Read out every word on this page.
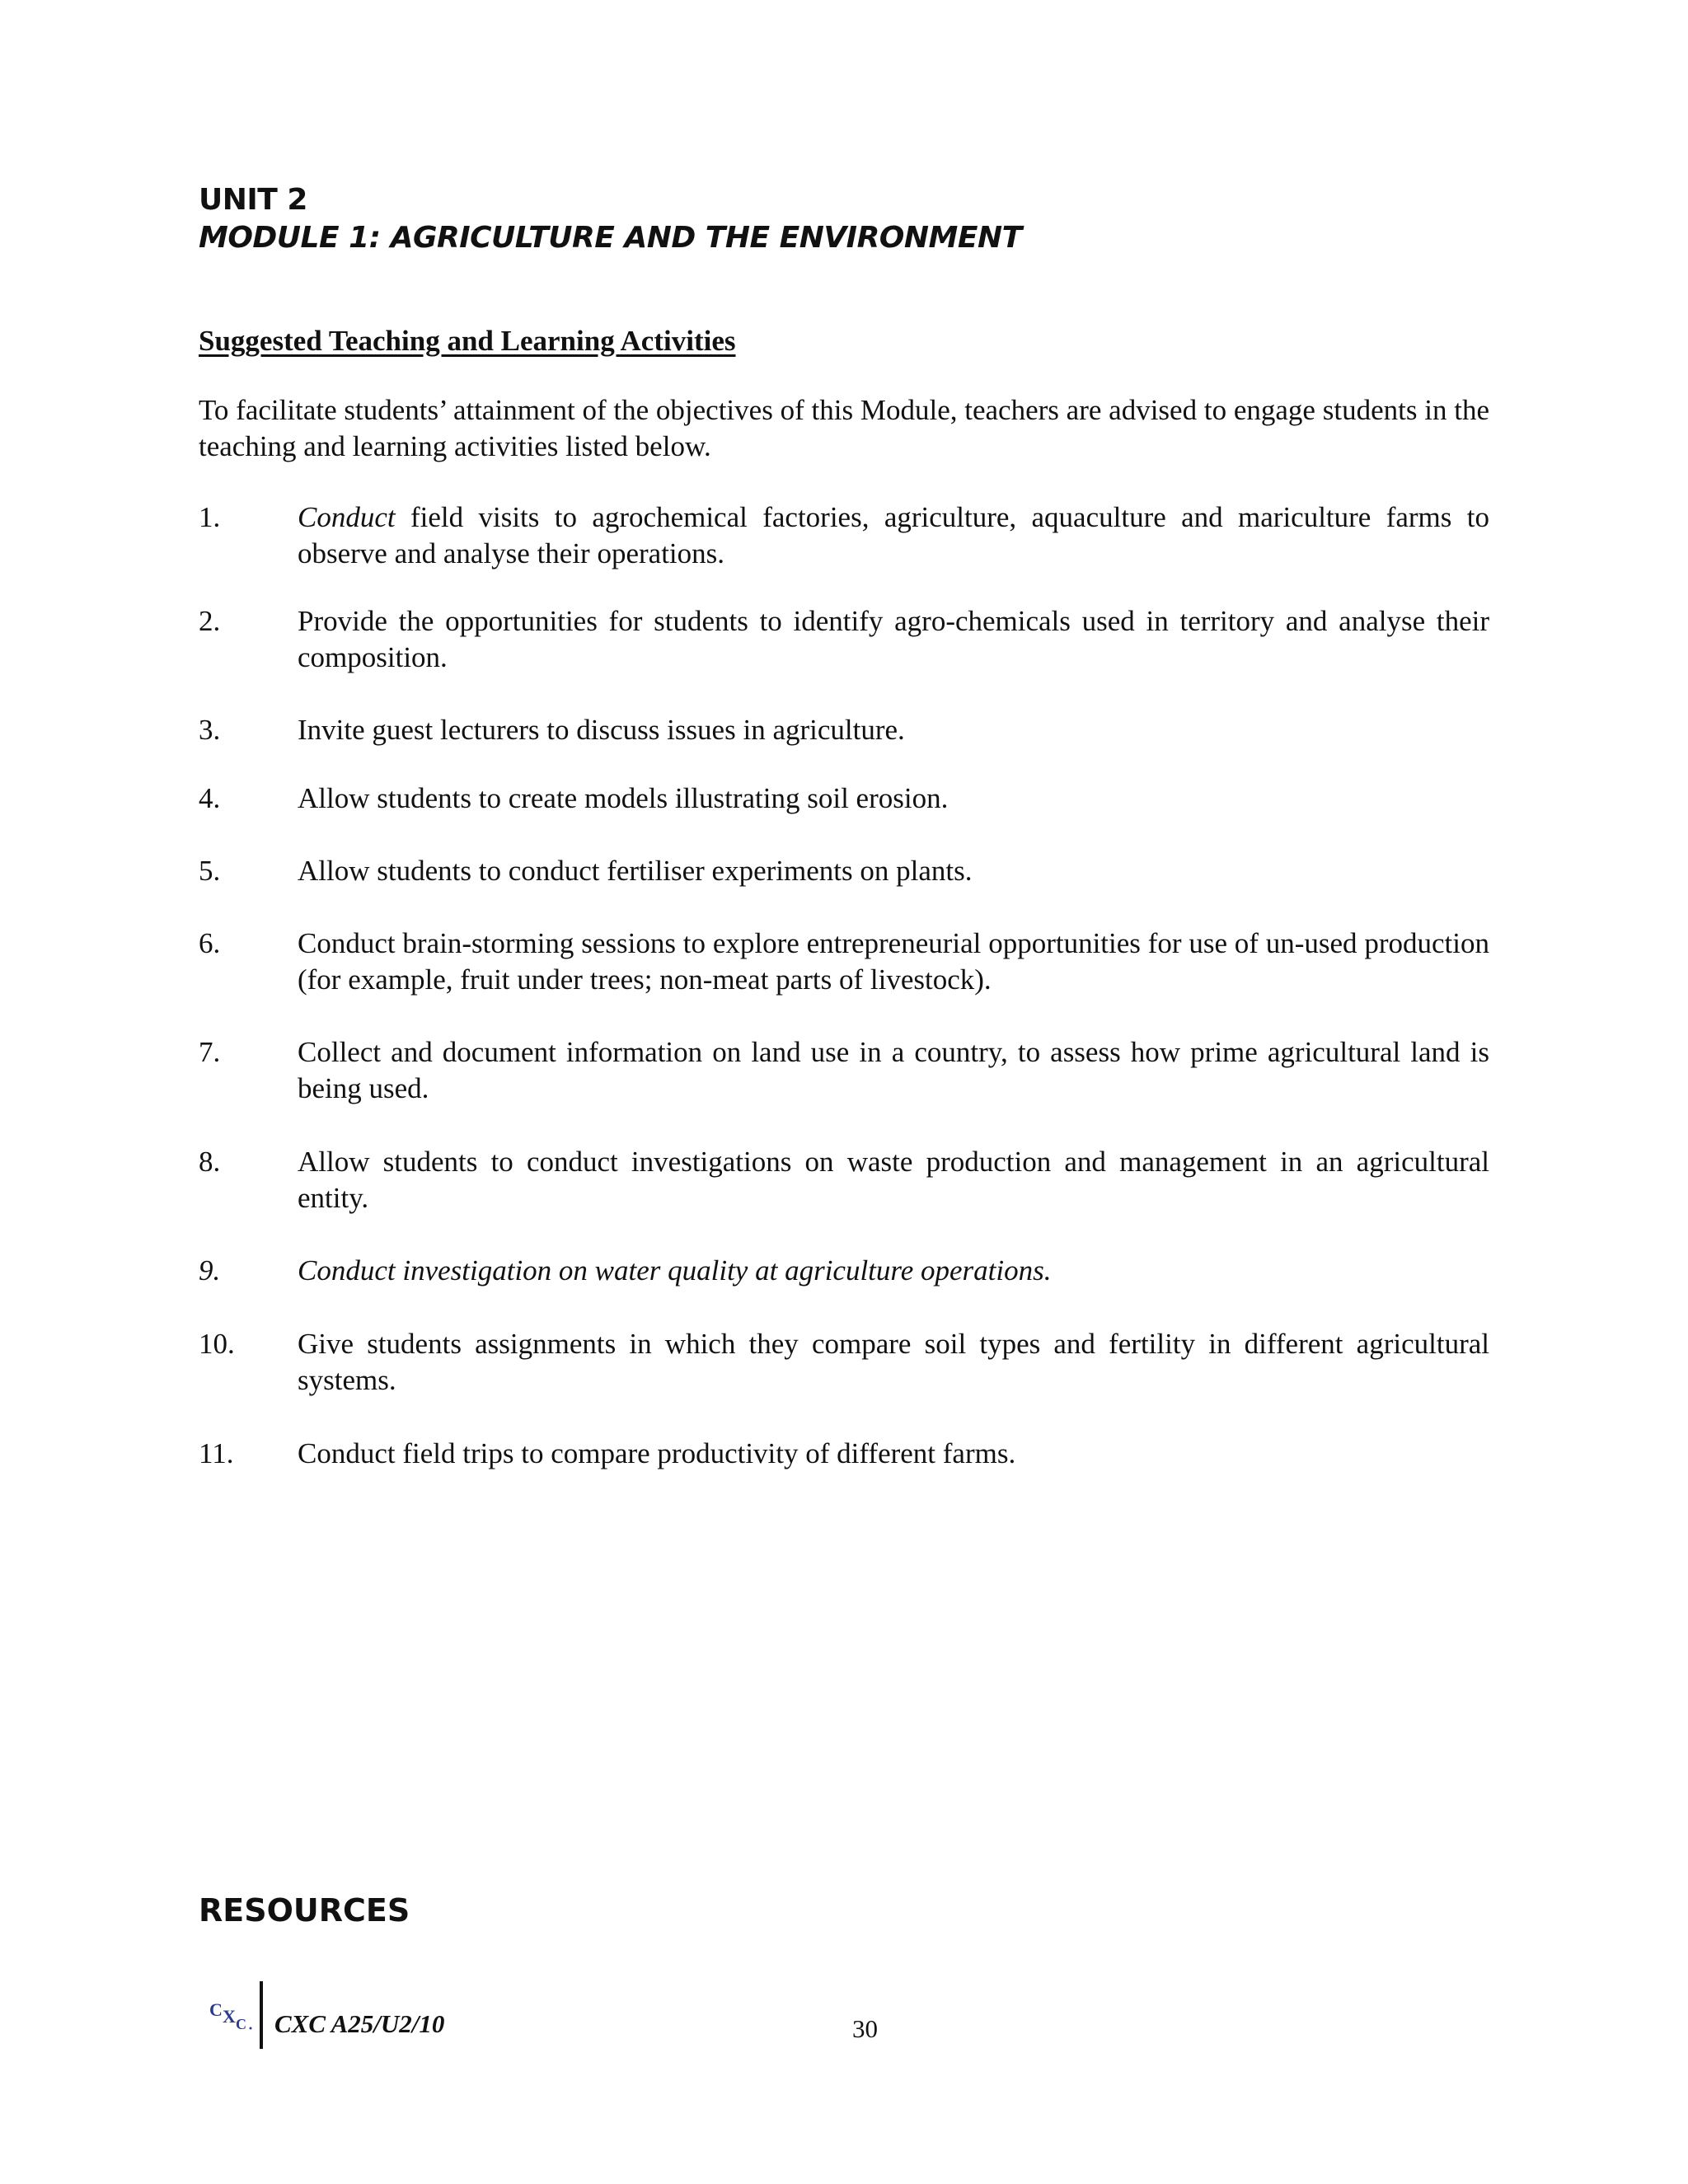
UNIT 2
MODULE 1: AGRICULTURE AND THE ENVIRONMENT
Suggested Teaching and Learning Activities
To facilitate students’ attainment of the objectives of this Module, teachers are advised to engage students in the teaching and learning activities listed below.
1.	Conduct field visits to agrochemical factories, agriculture, aquaculture and mariculture farms to observe and analyse their operations.
2.	Provide the opportunities for students to identify agro-chemicals used in territory and analyse their composition.
3.	Invite guest lecturers to discuss issues in agriculture.
4.	Allow students to create models illustrating soil erosion.
5.	Allow students to conduct fertiliser experiments on plants.
6.	Conduct brain-storming sessions to explore entrepreneurial opportunities for use of un-used production (for example, fruit under trees; non-meat parts of livestock).
7.	Collect and document information on land use in a country, to assess how prime agricultural land is being used.
8.	Allow students to conduct investigations on waste production and management in an agricultural entity.
9.	Conduct investigation on water quality at agriculture operations.
10.	Give students assignments in which they compare soil types and fertility in different agricultural systems.
11.	Conduct field trips to compare productivity of different farms.
RESOURCES
C X C CXC A25/U2/10	30
